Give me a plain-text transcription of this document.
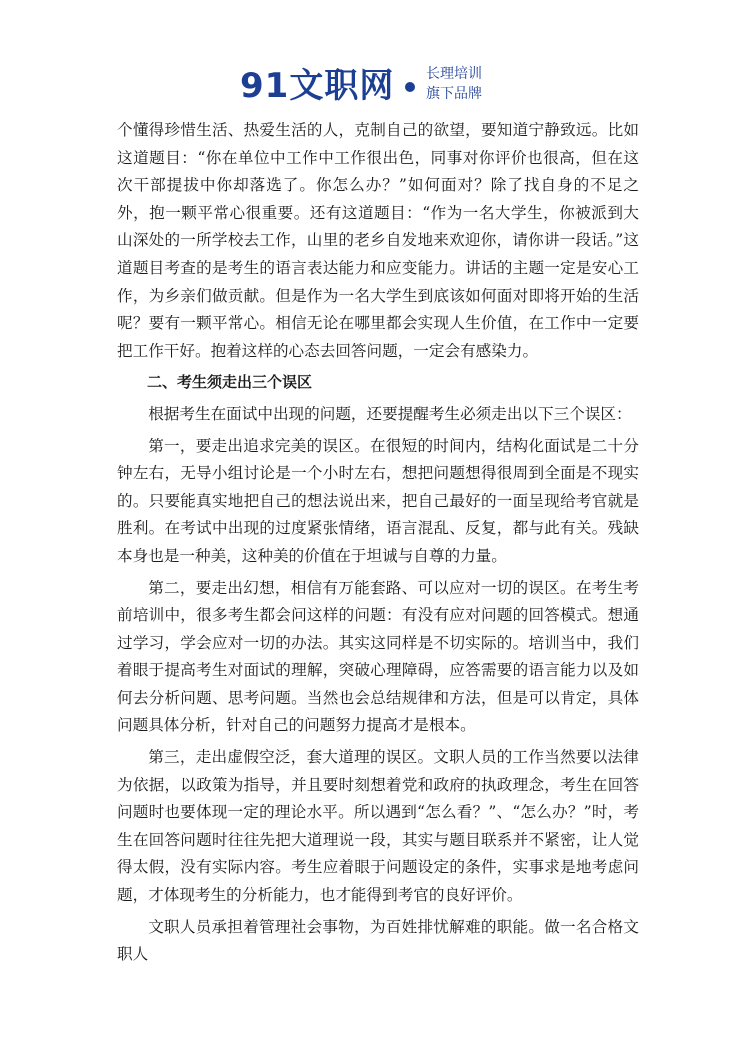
91文职网 长理培训
旗下品牌

个懂得珍惜生活、热爱生活的人，克制自己的欲望，要知道宁静致远。比如这道题目：“你在单位中工作中工作很出色，同事对你评价也很高，但在这次干部提拔中你却落选了。你怎么办？”如何面对？除了找自身的不足之外，抱一颗平常心很重要。还有这道题目：“作为一名大学生，你被派到大山深处的一所学校去工作，山里的老乡自发地来欢迎你，请你讲一段话。”这道题目考查的是考生的语言表达能力和应变能力。讲话的主题一定是安心工作，为乡亲们做贡献。但是作为一名大学生到底该如何面对即将开始的生活呢？要有一颗平常心。相信无论在哪里都会实现人生价值，在工作中一定要把工作干好。抱着这样的心态去回答问题，一定会有感染力。

二、考生须走出三个误区

根据考生在面试中出现的问题，还要提醒考生必须走出以下三个误区：

第一，要走出追求完美的误区。在很短的时间内，结构化面试是二十分钟左右，无导小组讨论是一个小时左右，想把问题想得很周到全面是不现实的。只要能真实地把自己的想法说出来，把自己最好的一面呈现给考官就是胜利。在考试中出现的过度紧张情绪，语言混乱、反复，都与此有关。残缺本身也是一种美，这种美的价值在于坦诚与自尊的力量。

第二，要走出幻想，相信有万能套路、可以应对一切的误区。在考生考前培训中，很多考生都会问这样的问题：有没有应对问题的回答模式。想通过学习，学会应对一切的办法。其实这同样是不切实际的。培训当中，我们着眼于提高考生对面试的理解，突破心理障碍，应答需要的语言能力以及如何去分析问题、思考问题。当然也会总结规律和方法，但是可以肯定，具体问题具体分析，针对自己的问题努力提高才是根本。

第三，走出虚假空泛，套大道理的误区。文职人员的工作当然要以法律为依据，以政策为指导，并且要时刻想着党和政府的执政理念，考生在回答问题时也要体现一定的理论水平。所以遇到“怎么看？”、“怎么办？”时，考生在回答问题时往往先把大道理说一段，其实与题目联系并不紧密，让人觉得太假，没有实际内容。考生应着眼于问题设定的条件，实事求是地考虑问题，才体现考生的分析能力，也才能得到考官的良好评价。

文职人员承担着管理社会事物，为百姓排忧解难的职能。做一名合格文职人
